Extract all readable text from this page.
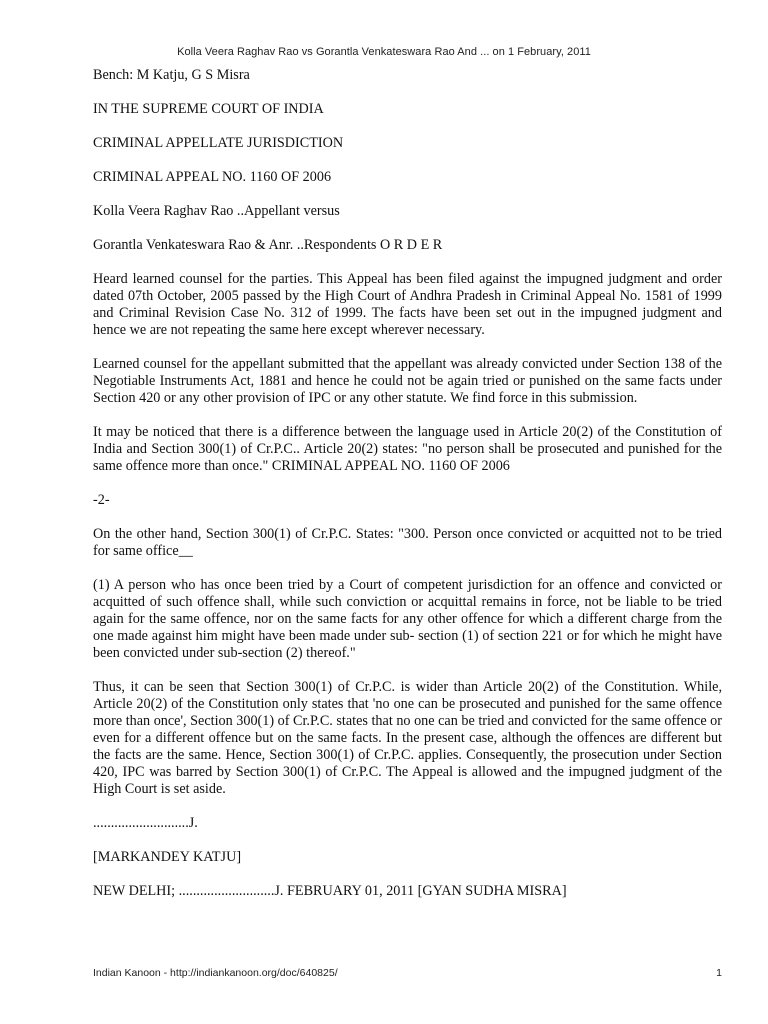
Kolla Veera Raghav Rao vs Gorantla Venkateswara Rao And ... on 1 February, 2011

Bench: M Katju, G S Misra

IN THE SUPREME COURT OF INDIA

CRIMINAL APPELLATE JURISDICTION

CRIMINAL APPEAL NO. 1160 OF 2006

Kolla Veera Raghav Rao ..Appellant versus

Gorantla Venkateswara Rao & Anr. ..Respondents O R D E R

Heard learned counsel for the parties. This Appeal has been filed against the impugned judgment and order dated 07th October, 2005 passed by the High Court of Andhra Pradesh in Criminal Appeal No. 1581 of 1999 and Criminal Revision Case No. 312 of 1999. The facts have been set out in the impugned judgment and hence we are not repeating the same here except wherever necessary.

Learned counsel for the appellant submitted that the appellant was already convicted under Section 138 of the Negotiable Instruments Act, 1881 and hence he could not be again tried or punished on the same facts under Section 420 or any other provision of IPC or any other statute. We find force in this submission.

It may be noticed that there is a difference between the language used in Article 20(2) of the Constitution of India and Section 300(1) of Cr.P.C.. Article 20(2) states: "no person shall be prosecuted and punished for the same offence more than once." CRIMINAL APPEAL NO. 1160 OF 2006

-2-

On the other hand, Section 300(1) of Cr.P.C. States: "300. Person once convicted or acquitted not to be tried for same office__

(1) A person who has once been tried by a Court of competent jurisdiction for an offence and convicted or acquitted of such offence shall, while such conviction or acquittal remains in force, not be liable to be tried again for the same offence, nor on the same facts for any other offence for which a different charge from the one made against him might have been made under sub- section (1) of section 221 or for which he might have been convicted under sub-section (2) thereof."

Thus, it can be seen that Section 300(1) of Cr.P.C. is wider than Article 20(2) of the Constitution. While, Article 20(2) of the Constitution only states that 'no one can be prosecuted and punished for the same offence more than once', Section 300(1) of Cr.P.C. states that no one can be tried and convicted for the same offence or even for a different offence but on the same facts. In the present case, although the offences are different but the facts are the same. Hence, Section 300(1) of Cr.P.C. applies. Consequently, the prosecution under Section 420, IPC was barred by Section 300(1) of Cr.P.C. The Appeal is allowed and the impugned judgment of the High Court is set aside.

...........................J.

[MARKANDEY KATJU]

NEW DELHI; ...........................J. FEBRUARY 01, 2011 [GYAN SUDHA MISRA]

Indian Kanoon - http://indiankanoon.org/doc/640825/	1
